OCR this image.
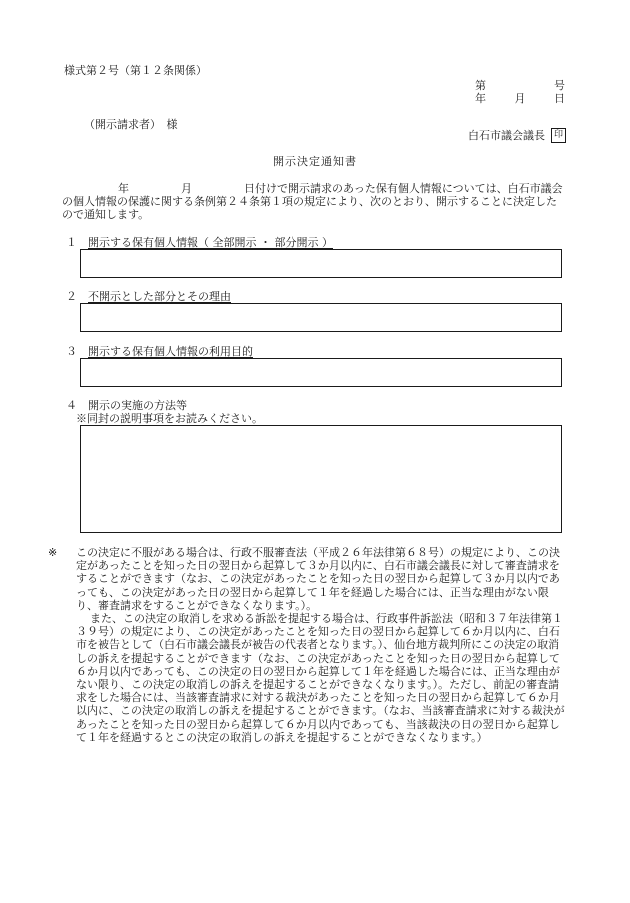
様式第２号（第１２条関係）
第	号
年	月	日
（開示請求者）　様
白石市議会議長 印
開示決定通知書
年	月	日付けで開示請求のあった保有個人情報については、白石市議会の個人情報の保護に関する条例第２４条第１項の規定により、次のとおり、開示することに決定したので通知します。
１　 開示する保有個人情報（ 全部開示 ・ 部分開示 ）
２　 不開示とした部分とその理由
３　 開示する保有個人情報の利用目的
４　 開示の実施の方法等
※同封の説明事項をお読みください。

※ この決定に不服がある場合は、行政不服審査法（平成２６年法律第６８号）の規定により、この決定があったことを知った日の翌日から起算して３か月以内に、白石市議会議長に対して審査請求をすることができます（なお、この決定があったことを知った日の翌日から起算して３か月以内であっても、この決定があった日の翌日から起算して１年を経過した場合には、正当な理由がない限り、審査請求をすることができなくなります。）。

また、この決定の取消しを求める訴訟を提起する場合は、行政事件訴訟法（昭和３７年法律第１３９号）の規定により、この決定があったことを知った日の翌日から起算して６か月以内に、白石市を被告として（白石市議会議長が被告の代表者となります。）、仙台地方裁判所にこの決定の取消しの訴えを提起することができます（なお、この決定があったことを知った日の翌日から起算して６か月以内であっても、この決定の日の翌日から起算して１年を経過した場合には、正当な理由がない限り、この決定の取消しの訴えを提起することができなくなります。）。ただし、前記の審査請求をした場合には、当該審査請求に対する裁決があったことを知った日の翌日から起算して６か月以内に、この決定の取消しの訴えを提起することができます。（なお、当該審査請求に対する裁決があったことを知った日の翌日から起算して６か月以内であっても、当該裁決の日の翌日から起算して１年を経過するとこの決定の取消しの訴えを提起することができなくなります。）
